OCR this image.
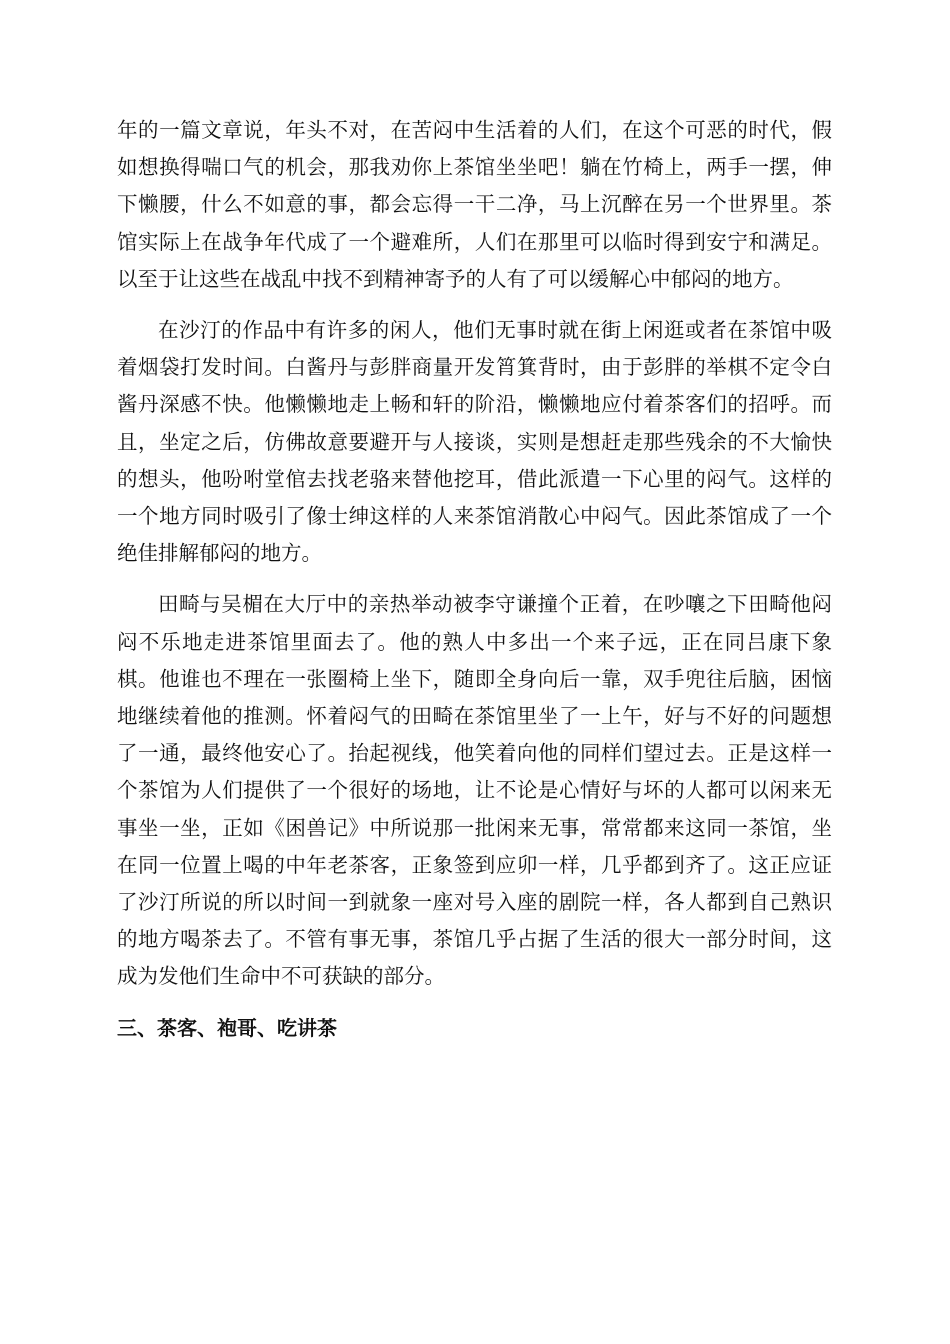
年的一篇文章说，年头不对，在苦闷中生活着的人们，在这个可恶的时代，假如想换得喘口气的机会，那我劝你上茶馆坐坐吧！躺在竹椅上，两手一摆，伸下懒腰，什么不如意的事，都会忘得一干二净，马上沉醉在另一个世界里。茶馆实际上在战争年代成了一个避难所，人们在那里可以临时得到安宁和满足。以至于让这些在战乱中找不到精神寄予的人有了可以缓解心中郁闷的地方。

在沙汀的作品中有许多的闲人，他们无事时就在街上闲逛或者在茶馆中吸着烟袋打发时间。白酱丹与彭胖商量开发筲箕背时，由于彭胖的举棋不定令白酱丹深感不快。他懒懒地走上畅和轩的阶沿，懒懒地应付着茶客们的招呼。而且，坐定之后，仿佛故意要避开与人接谈，实则是想赶走那些残余的不大愉快的想头，他吩咐堂倌去找老骆来替他挖耳，借此派遣一下心里的闷气。这样的一个地方同时吸引了像士绅这样的人来茶馆消散心中闷气。因此茶馆成了一个绝佳排解郁闷的地方。

田畸与吴楣在大厅中的亲热举动被李守谦撞个正着，在吵嚷之下田畸他闷闷不乐地走进茶馆里面去了。他的熟人中多出一个来子远，正在同吕康下象棋。他谁也不理在一张圈椅上坐下，随即全身向后一靠，双手兜往后脑，困恼地继续着他的推测。怀着闷气的田畸在茶馆里坐了一上午，好与不好的问题想了一通，最终他安心了。抬起视线，他笑着向他的同样们望过去。正是这样一个茶馆为人们提供了一个很好的场地，让不论是心情好与坏的人都可以闲来无事坐一坐，正如《困兽记》中所说那一批闲来无事，常常都来这同一茶馆，坐在同一位置上喝的中年老茶客，正象签到应卯一样，几乎都到齐了。这正应证了沙汀所说的所以时间一到就象一座对号入座的剧院一样，各人都到自己熟识的地方喝茶去了。不管有事无事，茶馆几乎占据了生活的很大一部分时间，这成为发他们生命中不可获缺的部分。

三、茶客、袍哥、吃讲茶
